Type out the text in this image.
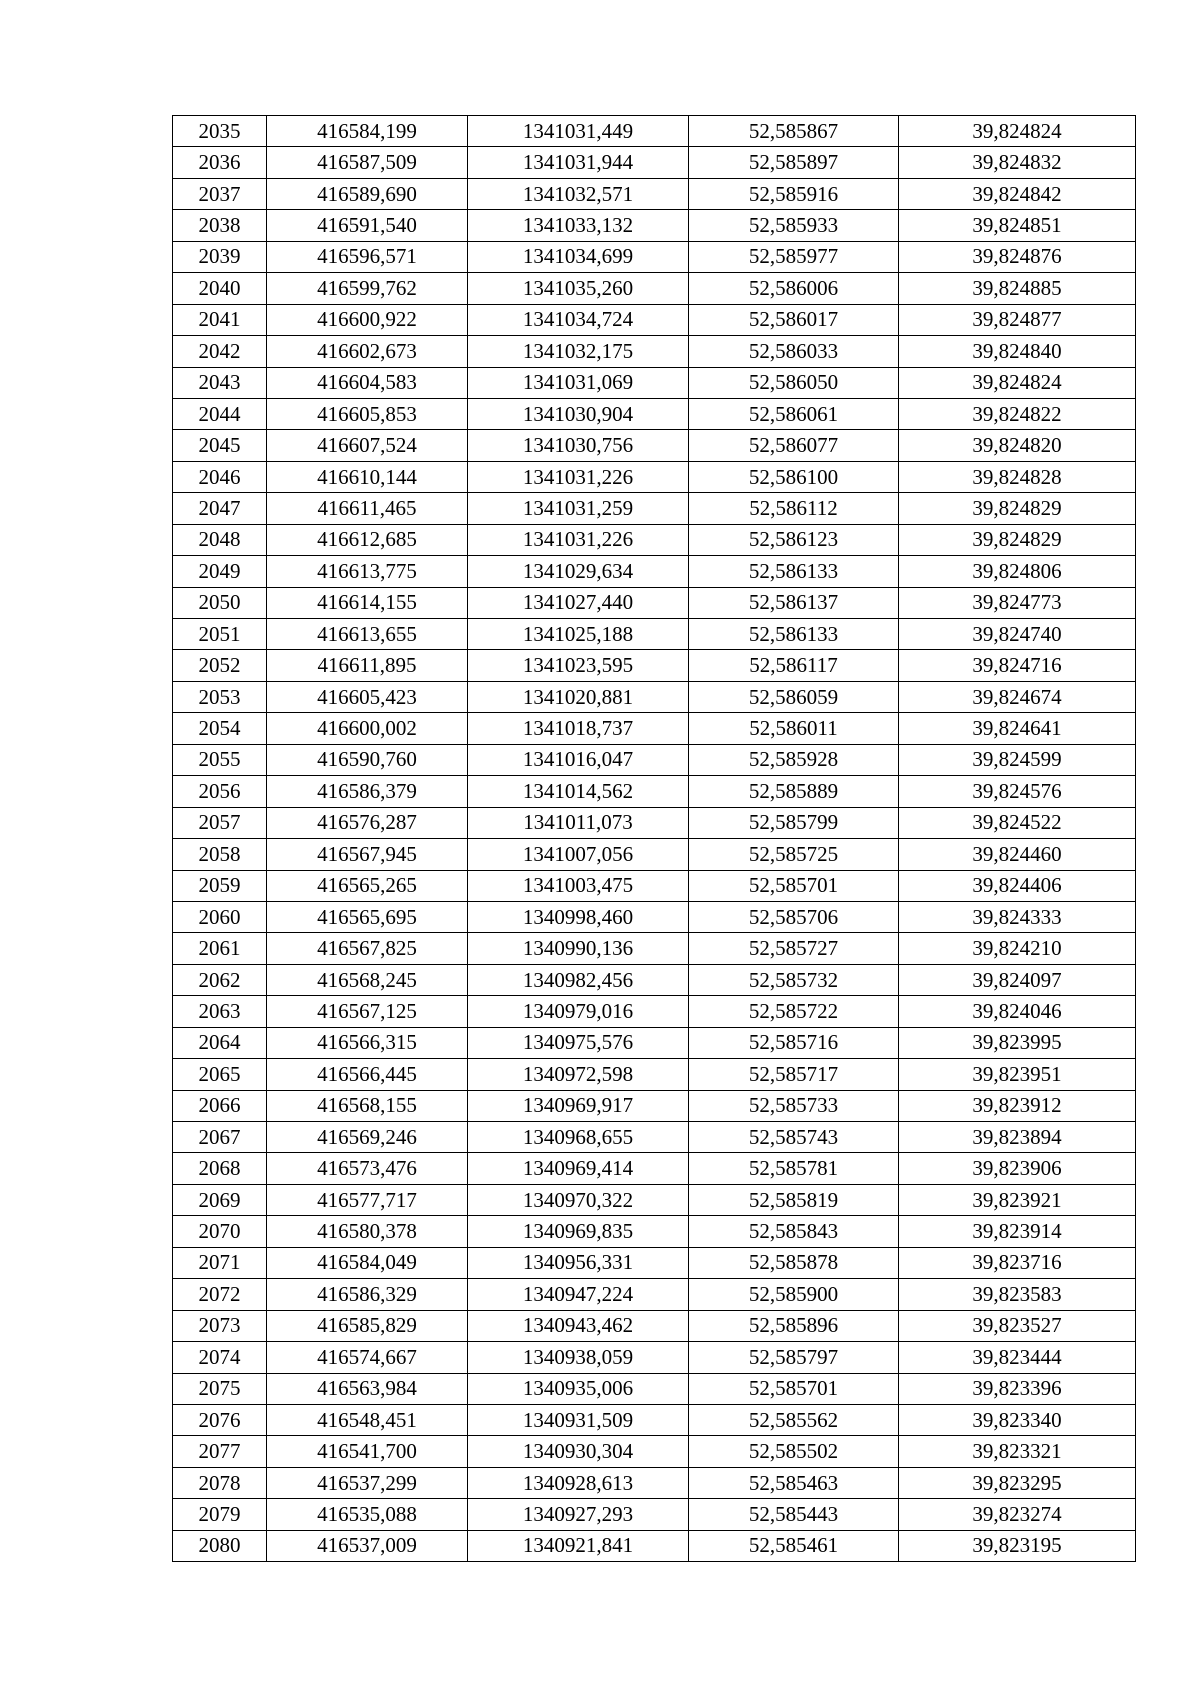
2035	416584,199	1341031,449	52,585867	39,824824
2036	416587,509	1341031,944	52,585897	39,824832
2037	416589,690	1341032,571	52,585916	39,824842
2038	416591,540	1341033,132	52,585933	39,824851
2039	416596,571	1341034,699	52,585977	39,824876
2040	416599,762	1341035,260	52,586006	39,824885
2041	416600,922	1341034,724	52,586017	39,824877
2042	416602,673	1341032,175	52,586033	39,824840
2043	416604,583	1341031,069	52,586050	39,824824
2044	416605,853	1341030,904	52,586061	39,824822
2045	416607,524	1341030,756	52,586077	39,824820
2046	416610,144	1341031,226	52,586100	39,824828
2047	416611,465	1341031,259	52,586112	39,824829
2048	416612,685	1341031,226	52,586123	39,824829
2049	416613,775	1341029,634	52,586133	39,824806
2050	416614,155	1341027,440	52,586137	39,824773
2051	416613,655	1341025,188	52,586133	39,824740
2052	416611,895	1341023,595	52,586117	39,824716
2053	416605,423	1341020,881	52,586059	39,824674
2054	416600,002	1341018,737	52,586011	39,824641
2055	416590,760	1341016,047	52,585928	39,824599
2056	416586,379	1341014,562	52,585889	39,824576
2057	416576,287	1341011,073	52,585799	39,824522
2058	416567,945	1341007,056	52,585725	39,824460
2059	416565,265	1341003,475	52,585701	39,824406
2060	416565,695	1340998,460	52,585706	39,824333
2061	416567,825	1340990,136	52,585727	39,824210
2062	416568,245	1340982,456	52,585732	39,824097
2063	416567,125	1340979,016	52,585722	39,824046
2064	416566,315	1340975,576	52,585716	39,823995
2065	416566,445	1340972,598	52,585717	39,823951
2066	416568,155	1340969,917	52,585733	39,823912
2067	416569,246	1340968,655	52,585743	39,823894
2068	416573,476	1340969,414	52,585781	39,823906
2069	416577,717	1340970,322	52,585819	39,823921
2070	416580,378	1340969,835	52,585843	39,823914
2071	416584,049	1340956,331	52,585878	39,823716
2072	416586,329	1340947,224	52,585900	39,823583
2073	416585,829	1340943,462	52,585896	39,823527
2074	416574,667	1340938,059	52,585797	39,823444
2075	416563,984	1340935,006	52,585701	39,823396
2076	416548,451	1340931,509	52,585562	39,823340
2077	416541,700	1340930,304	52,585502	39,823321
2078	416537,299	1340928,613	52,585463	39,823295
2079	416535,088	1340927,293	52,585443	39,823274
2080	416537,009	1340921,841	52,585461	39,823195
